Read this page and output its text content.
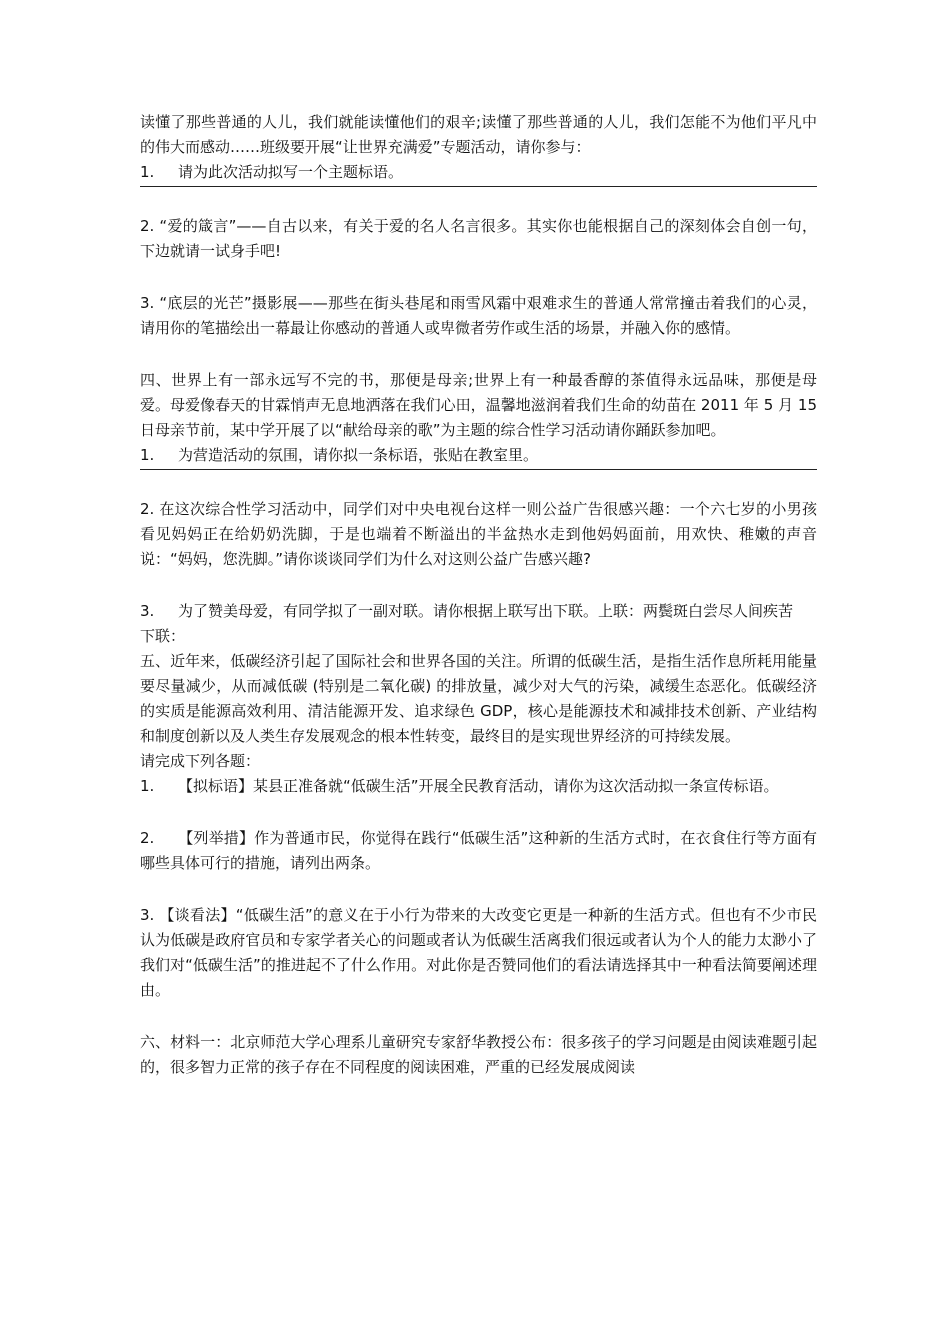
读懂了那些普通的人儿，我们就能读懂他们的艰辛;读懂了那些普通的人儿，我们怎能不为他们平凡中的伟大而感动……班级要开展“让世界充满爱”专题活动，请你参与：

1. 请为此次活动拟写一个主题标语。

2. “爱的箴言”——自古以来，有关于爱的名人名言很多。其实你也能根据自己的深刻体会自创一句，下边就请一试身手吧!

3. “底层的光芒”摄影展——那些在街头巷尾和雨雪风霜中艰难求生的普通人常常撞击着我们的心灵，请用你的笔描绘出一幕最让你感动的普通人或卑微者劳作或生活的场景，并融入你的感情。

四、世界上有一部永远写不完的书，那便是母亲;世界上有一种最香醇的茶值得永远品味，那便是母爱。母爱像春天的甘霖悄声无息地洒落在我们心田，温馨地滋润着我们生命的幼苗在 2011 年 5 月 15 日母亲节前，某中学开展了以“献给母亲的歌”为主题的综合性学习活动请你踊跃参加吧。

1. 为营造活动的氛围，请你拟一条标语，张贴在教室里。

2. 在这次综合性学习活动中，同学们对中央电视台这样一则公益广告很感兴趣：一个六七岁的小男孩看见妈妈正在给奶奶洗脚，于是也端着不断溢出的半盆热水走到他妈妈面前，用欢快、稚嫩的声音说：“妈妈，您洗脚。”请你谈谈同学们为什么对这则公益广告感兴趣?

3. 为了赞美母爱，有同学拟了一副对联。请你根据上联写出下联。上联：两鬓斑白尝尽人间疾苦

下联：

五、近年来，低碳经济引起了国际社会和世界各国的关注。所谓的低碳生活，是指生活作息所耗用能量要尽量减少，从而减低碳 (特别是二氧化碳) 的排放量，减少对大气的污染，减缓生态恶化。低碳经济的实质是能源高效利用、清洁能源开发、追求绿色 GDP，核心是能源技术和减排技术创新、产业结构和制度创新以及人类生存发展观念的根本性转变，最终目的是实现世界经济的可持续发展。

请完成下列各题：

1. 【拟标语】某县正准备就“低碳生活”开展全民教育活动，请你为这次活动拟一条宣传标语。

2. 【列举措】作为普通市民，你觉得在践行“低碳生活”这种新的生活方式时，在衣食住行等方面有哪些具体可行的措施，请列出两条。

3. 【谈看法】“低碳生活”的意义在于小行为带来的大改变它更是一种新的生活方式。但也有不少市民认为低碳是政府官员和专家学者关心的问题或者认为低碳生活离我们很远或者认为个人的能力太渺小了我们对“低碳生活”的推进起不了什么作用。对此你是否赞同他们的看法请选择其中一种看法简要阐述理由。

六、材料一：北京师范大学心理系儿童研究专家舒华教授公布：很多孩子的学习问题是由阅读难题引起的，很多智力正常的孩子存在不同程度的阅读困难，严重的已经发展成阅读
